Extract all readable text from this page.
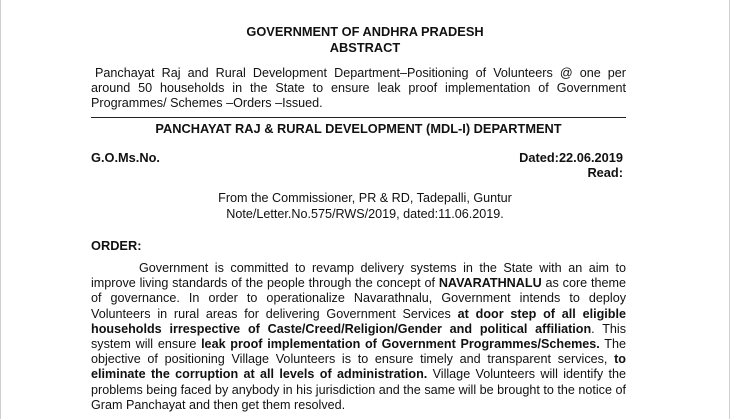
GOVERNMENT OF ANDHRA PRADESH
ABSTRACT
Panchayat Raj and Rural Development Department–Positioning of Volunteers @ one per around 50 households in the State to ensure leak proof implementation of Government Programmes/ Schemes –Orders –Issued.
PANCHAYAT RAJ & RURAL DEVELOPMENT (MDL-I) DEPARTMENT
G.O.Ms.No.	Dated:22.06.2019
Read:
From the Commissioner, PR & RD, Tadepalli, Guntur
Note/Letter.No.575/RWS/2019, dated:11.06.2019.
ORDER:
Government is committed to revamp delivery systems in the State with an aim to improve living standards of the people through the concept of NAVARATHNALU as core theme of governance. In order to operationalize Navarathnalu, Government intends to deploy Volunteers in rural areas for delivering Government Services at door step of all eligible households irrespective of Caste/Creed/Religion/Gender and political affiliation. This system will ensure leak proof implementation of Government Programmes/Schemes. The objective of positioning Village Volunteers is to ensure timely and transparent services, to eliminate the corruption at all levels of administration. Village Volunteers will identify the problems being faced by anybody in his jurisdiction and the same will be brought to the notice of Gram Panchayat and then get them resolved.
